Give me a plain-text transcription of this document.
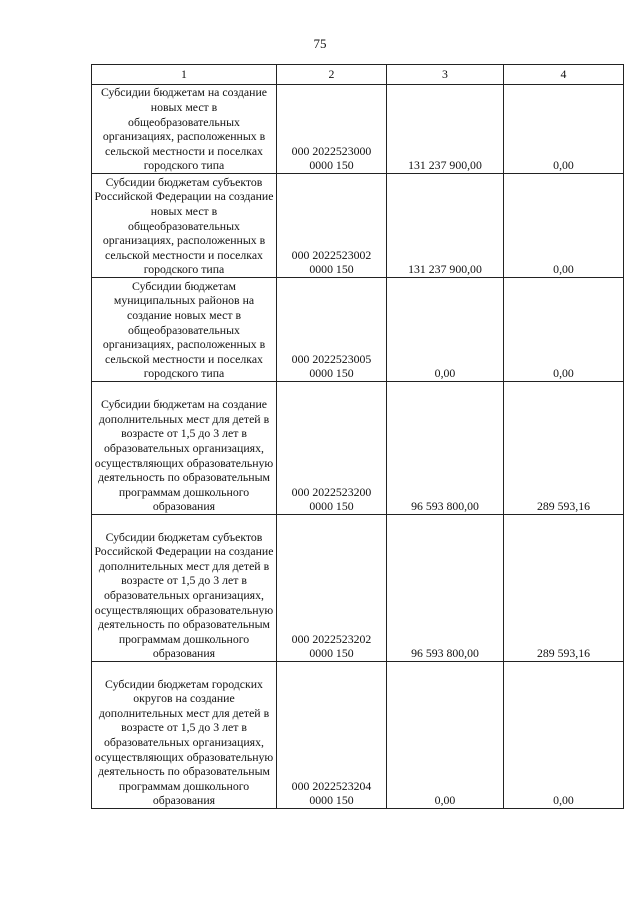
75
1	2	3	4
Субсидии бюджетам на создание новых мест в общеобразовательных организациях, расположенных в сельской местности и поселках городского типа	000 2022523000 0000 150	131 237 900,00	0,00
Субсидии бюджетам субъектов Российской Федерации на создание новых мест в общеобразовательных организациях, расположенных в сельской местности и поселках городского типа	000 2022523002 0000 150	131 237 900,00	0,00
Субсидии бюджетам муниципальных районов на создание новых мест в общеобразовательных организациях, расположенных в сельской местности и поселках городского типа	000 2022523005 0000 150	0,00	0,00
Субсидии бюджетам на создание дополнительных мест для детей в возрасте от 1,5 до 3 лет в образовательных организациях, осуществляющих образовательную деятельность по образовательным программам дошкольного образования	000 2022523200 0000 150	96 593 800,00	289 593,16
Субсидии бюджетам субъектов Российской Федерации на создание дополнительных мест для детей в возрасте от 1,5 до 3 лет в образовательных организациях, осуществляющих образовательную деятельность по образовательным программам дошкольного образования	000 2022523202 0000 150	96 593 800,00	289 593,16
Субсидии бюджетам городских округов на создание дополнительных мест для детей в возрасте от 1,5 до 3 лет в образовательных организациях, осуществляющих образовательную деятельность по образовательным программам дошкольного образования	000 2022523204 0000 150	0,00	0,00
